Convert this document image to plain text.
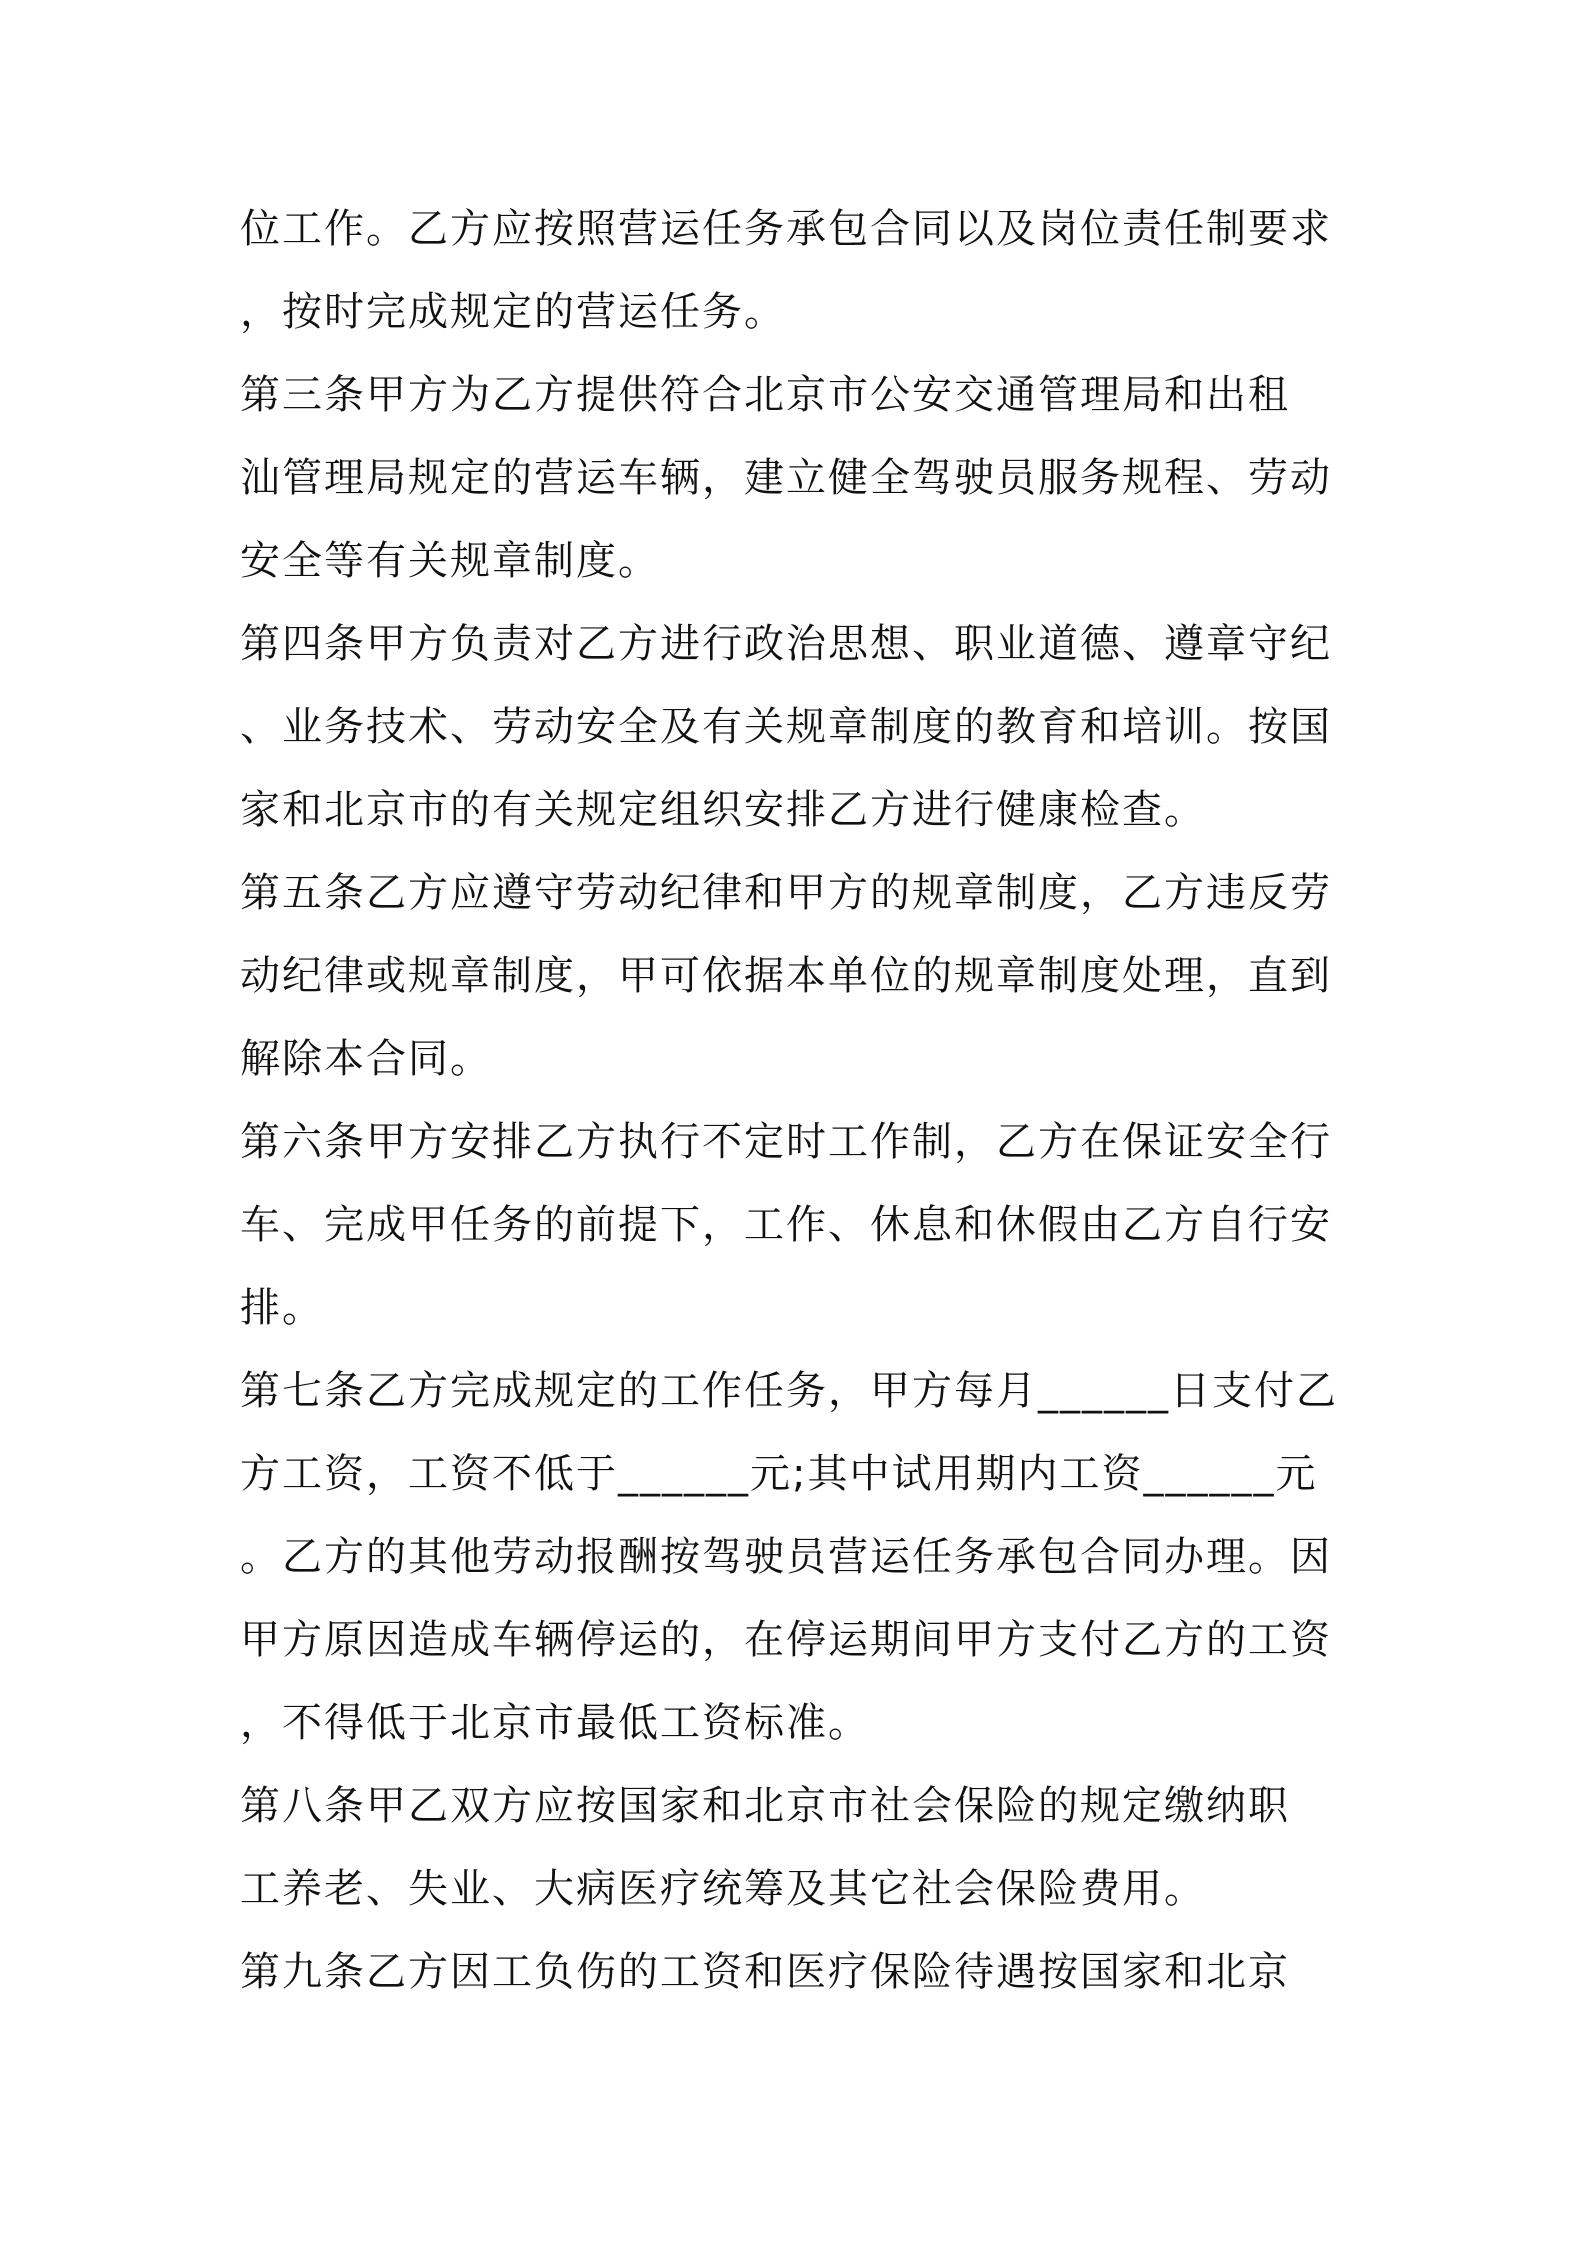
位工作。乙方应按照营运任务承包合同以及岗位责任制要求
，按时完成规定的营运任务。
第三条甲方为乙方提供符合北京市公安交通管理局和出租
汕管理局规定的营运车辆，建立健全驾驶员服务规程、劳动
安全等有关规章制度。
第四条甲方负责对乙方进行政治思想、职业道德、遵章守纪
、业务技术、劳动安全及有关规章制度的教育和培训。按国
家和北京市的有关规定组织安排乙方进行健康检查。
第五条乙方应遵守劳动纪律和甲方的规章制度，乙方违反劳
动纪律或规章制度，甲可依据本单位的规章制度处理，直到
解除本合同。
第六条甲方安排乙方执行不定时工作制，乙方在保证安全行
车、完成甲任务的前提下，工作、休息和休假由乙方自行安
排。
第七条乙方完成规定的工作任务，甲方每月______日支付乙
方工资，工资不低于______元;其中试用期内工资______元
。乙方的其他劳动报酬按驾驶员营运任务承包合同办理。因
甲方原因造成车辆停运的，在停运期间甲方支付乙方的工资
，不得低于北京市最低工资标准。
第八条甲乙双方应按国家和北京市社会保险的规定缴纳职
工养老、失业、大病医疗统筹及其它社会保险费用。
第九条乙方因工负伤的工资和医疗保险待遇按国家和北京
